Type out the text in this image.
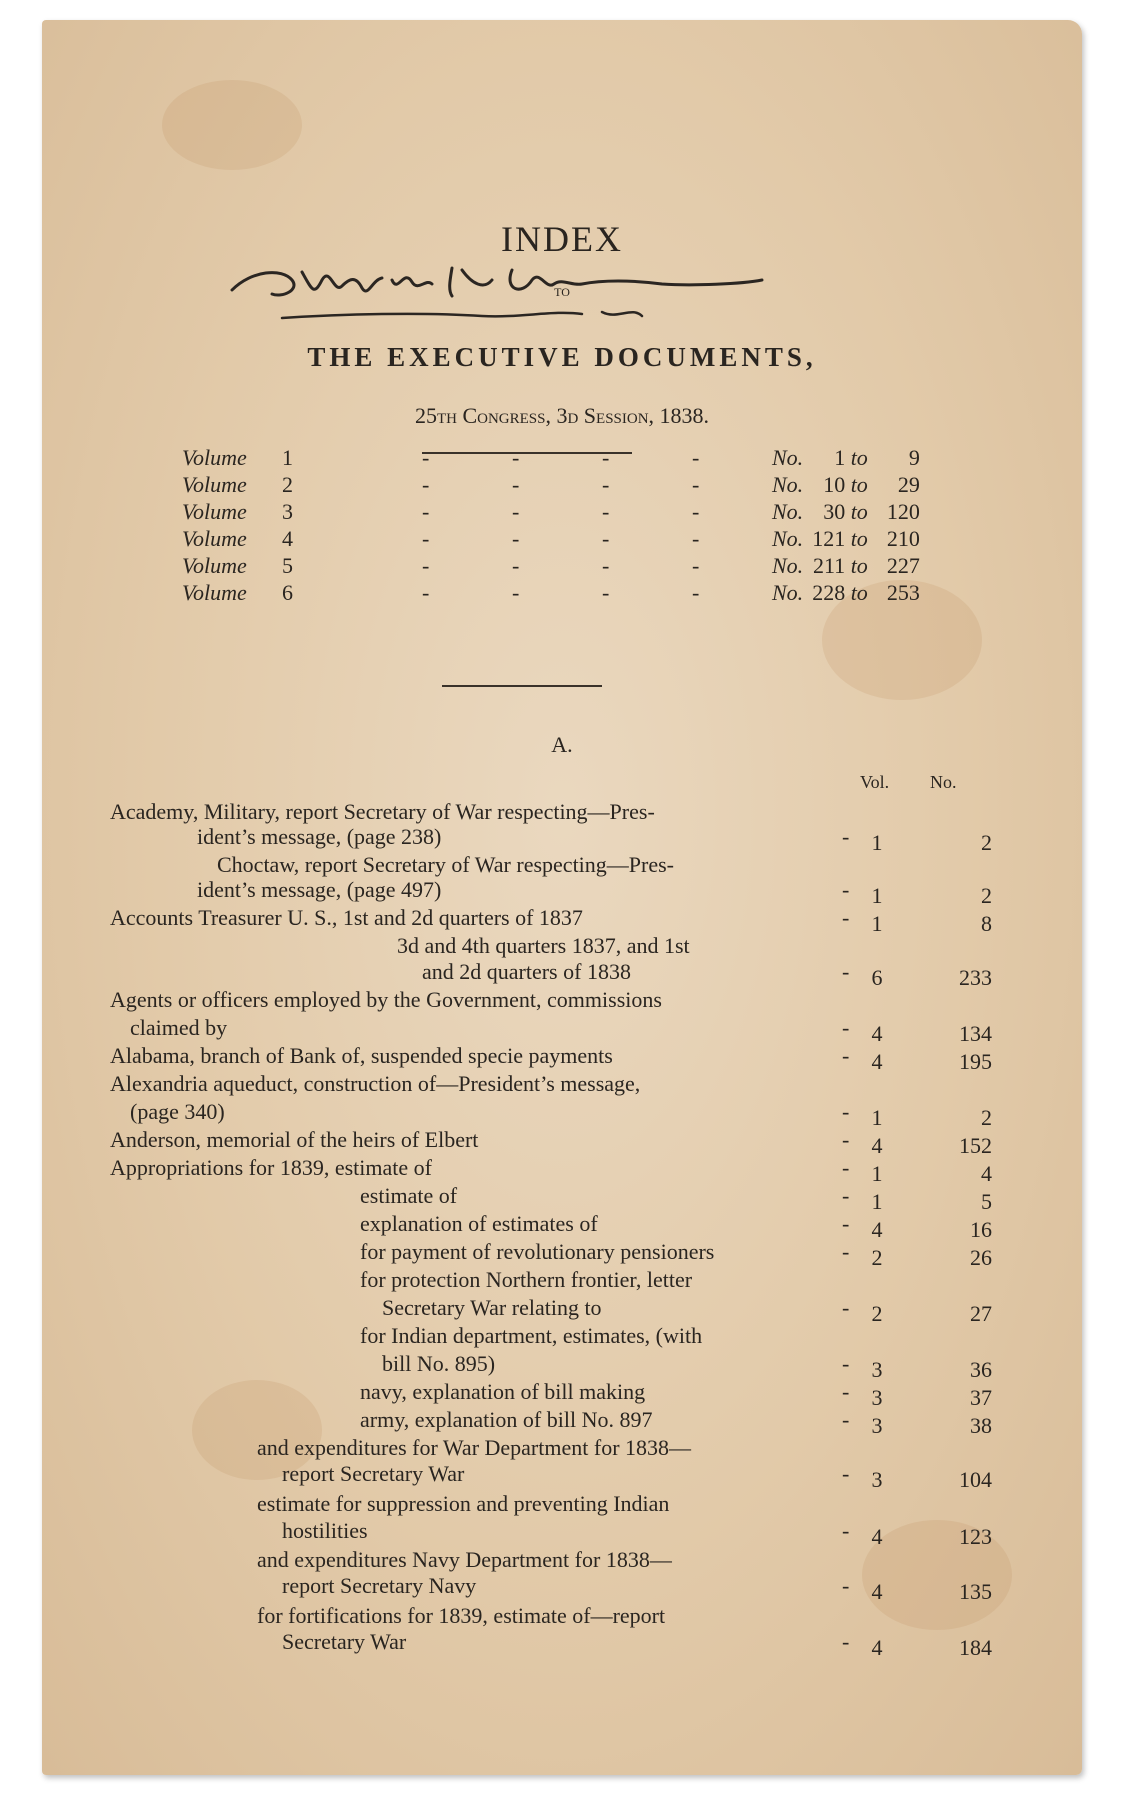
INDEX
TO
THE EXECUTIVE DOCUMENTS,
25th Congress, 3d Session, 1838.
Volume 1	-	-	-	-	No. 1 to 9
Volume 2	-	-	-	-	No. 10 to 29
Volume 3	-	-	-	-	No. 30 to 120
Volume 4	-	-	-	-	No. 121 to 210
Volume 5	-	-	-	-	No. 211 to 227
Volume 6	-	-	-	-	No. 228 to 253
A.
Vol. No.
Academy, Military, report Secretary of War respecting—Pres-
ident’s message, (page 238)	-	1	2
Choctaw, report Secretary of War respecting—Pres-
ident’s message, (page 497)	-	1	2
Accounts Treasurer U. S., 1st and 2d quarters of 1837	-	1	8
3d and 4th quarters 1837, and 1st
and 2d quarters of 1838	-	6	233
Agents or officers employed by the Government, commissions
claimed by	-	4	134
Alabama, branch of Bank of, suspended specie payments	-	4	195
Alexandria aqueduct, construction of—President’s message,
(page 340)	-	1	2
Anderson, memorial of the heirs of Elbert	-	4	152
Appropriations for 1839, estimate of	-	1	4
estimate of	-	1	5
explanation of estimates of	-	4	16
for payment of revolutionary pensioners	-	2	26
for protection Northern frontier, letter
Secretary War relating to	-	2	27
for Indian department, estimates, (with
bill No. 895)	-	3	36
navy, explanation of bill making	-	3	37
army, explanation of bill No. 897	-	3	38
and expenditures for War Department for 1838—
report Secretary War	-	3	104
estimate for suppression and preventing Indian
hostilities	-	4	123
and expenditures Navy Department for 1838—
report Secretary Navy	-	4	135
for fortifications for 1839, estimate of—report
Secretary War	-	4	184
